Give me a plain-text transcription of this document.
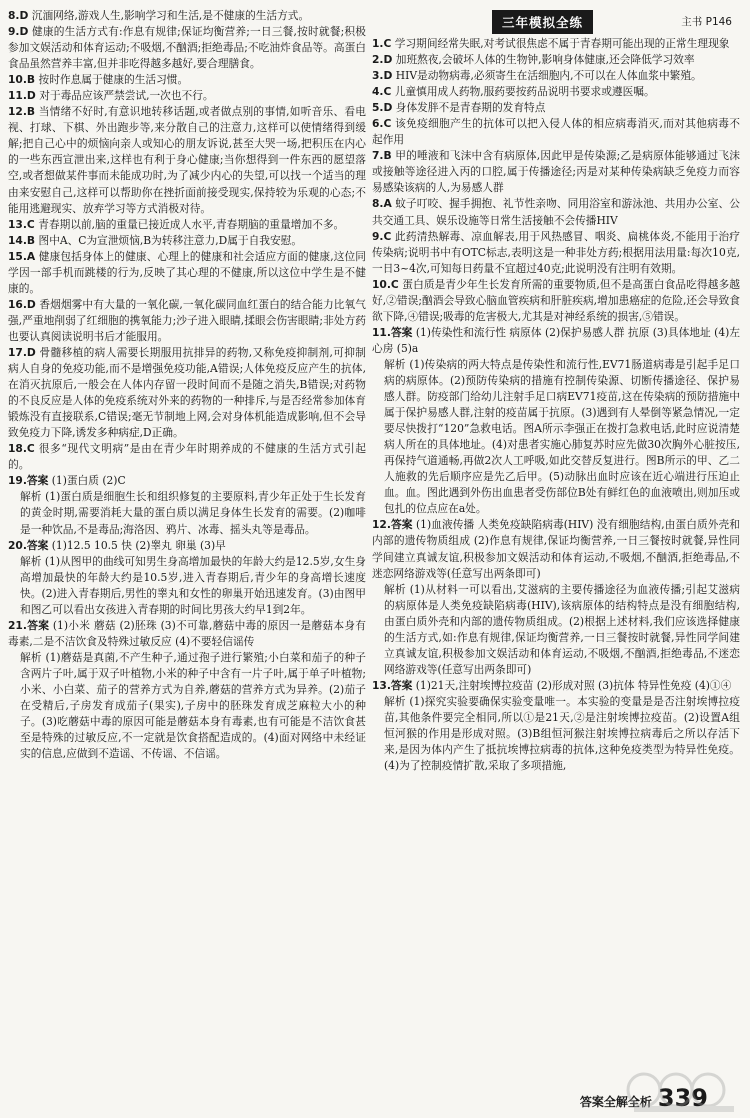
8.D 沉湎网络,游戏人生,影响学习和生活,是不健康的生活方式。

9.D 健康的生活方式有:作息有规律;保证均衡营养;一日三餐,按时就餐;积极参加文娱活动和体育运动;不吸烟,不酗酒;拒绝毒品;不吃油炸食品等。高蛋白食品虽然营养丰富,但并非吃得越多越好,要合理膳食。

10.B 按时作息属于健康的生活习惯。

11.D 对于毒品应该严禁尝试,一次也不行。

12.B 当情绪不好时,有意识地转移话题,或者做点别的事情,如听音乐、看电视、打球、下棋、外出跑步等,来分散自己的注意力,这样可以使情绪得到缓解;把自己心中的烦恼向亲人或知心的朋友诉说,甚至大哭一场,把积压在内心的一些东西宣泄出来,这样也有利于身心健康;当你想得到一件东西的愿望落空,或者想做某件事而未能成功时,为了减少内心的失望,可以找一个适当的理由来安慰自己,这样可以帮助你在挫折面前接受现实,保持较为乐观的心态;不能用逃避现实、放弃学习等方式消极对待。

13.C 青春期以前,脑的重量已接近成人水平,青春期脑的重量增加不多。

14.B 图中A、C为宣泄烦恼,B为转移注意力,D属于自我安慰。

15.A 健康包括身体上的健康、心理上的健康和社会适应方面的健康,这位同学因一部手机而跳楼的行为,反映了其心理的不健康,所以这位中学生是不健康的。

16.D 香烟烟雾中有大量的一氧化碳,一氧化碳同血红蛋白的结合能力比氧气强,严重地削弱了红细胞的携氧能力;沙子进入眼睛,揉眼会伤害眼睛;非处方药也要认真阅读说明书后才能服用。

17.D 骨髓移植的病人需要长期服用抗排异的药物,又称免疫抑制剂,可抑制病人自身的免疫功能,而不是增强免疫功能,A错误;人体免疫反应产生的抗体,在消灭抗原后,一般会在人体内存留一段时间而不是随之消失,B错误;对药物的不良反应是人体的免疫系统对外来的药物的一种排斥,与是否经常参加体育锻炼没有直接联系,C错误;毫无节制地上网,会对身体机能造成影响,但不会导致免疫力下降,诱发多种病症,D正确。

18.C 很多“现代文明病”是由在青少年时期养成的不健康的生活方式引起的。

19.答案 (1)蛋白质 (2)C

解析 (1)蛋白质是细胞生长和组织修复的主要原料,青少年正处于生长发育的黄金时期,需要消耗大量的蛋白质以满足身体生长发育的需要。(2)咖啡是一种饮品,不是毒品;海洛因、鸦片、冰毒、摇头丸等是毒品。

20.答案 (1)12.5 10.5 快 (2)睾丸 卵巢 (3)早

解析 (1)从图甲的曲线可知男生身高增加最快的年龄大约是12.5岁,女生身高增加最快的年龄大约是10.5岁,进入青春期后,青少年的身高增长速度快。(2)进入青春期后,男性的睾丸和女性的卵巢开始迅速发育。(3)由图甲和图乙可以看出女孩进入青春期的时间比男孩大约早1到2年。

21.答案 (1)小米 蘑菇 (2)胚珠 (3)不可靠,蘑菇中毒的原因一是蘑菇本身有毒素,二是不洁饮食及特殊过敏反应 (4)不要轻信谣传

解析 (1)蘑菇是真菌,不产生种子,通过孢子进行繁殖;小白菜和茄子的种子含两片子叶,属于双子叶植物,小米的种子中含有一片子叶,属于单子叶植物;小米、小白菜、茄子的营养方式为自养,蘑菇的营养方式为异养。(2)茄子在受精后,子房发育成茄子(果实),子房中的胚珠发育成芝麻粒大小的种子。(3)吃蘑菇中毒的原因可能是蘑菇本身有毒素,也有可能是不洁饮食甚至是特殊的过敏反应,不一定就是饮食搭配造成的。(4)面对网络中未经证实的信息,应做到不造谣、不传谣、不信谣。

三年模拟全练	主书 P146

1.C 学习期间经常失眠,对考试很焦虑不属于青春期可能出现的正常生理现象

2.D 加班熬夜,会破坏人体的生物钟,影响身体健康,还会降低学习效率

3.D HIV是动物病毒,必须寄生在活细胞内,不可以在人体血浆中繁殖。

4.C 儿童慎用成人药物,服药要按药品说明书要求或遵医嘱。

5.D 身体发胖不是青春期的发育特点

6.C 该免疫细胞产生的抗体可以把入侵人体的相应病毒消灭,而对其他病毒不起作用

7.B 甲的唾液和飞沫中含有病原体,因此甲是传染源;乙是病原体能够通过飞沫或接触等途径进入丙的口腔,属于传播途径;丙是对某种传染病缺乏免疫力而容易感染该病的人,为易感人群

8.A 蚊子叮咬、握手拥抱、礼节性亲吻、同用浴室和游泳池、共用办公室、公共交通工具、娱乐设施等日常生活接触不会传播HIV

9.C 此药清热解毒、凉血解表,用于风热感冒、咽炎、扁桃体炎,不能用于治疗传染病;说明书中有OTC标志,表明这是一种非处方药;根据用法用量:每次10克,一日3~4次,可知每日药量不宜超过40克;此说明没有注明有效期。

10.C 蛋白质是青少年生长发育所需的重要物质,但不是高蛋白食品吃得越多越好,②错误;酗酒会导致心脑血管疾病和肝脏疾病,增加患癌症的危险,还会导致食欲下降,④错误;吸毒的危害极大,尤其是对神经系统的损害,⑤错误。

11.答案 (1)传染性和流行性 病原体 (2)保护易感人群 抗原 (3)具体地址 (4)左心房 (5)a

解析 (1)传染病的两大特点是传染性和流行性,EV71肠道病毒是引起手足口病的病原体。(2)预防传染病的措施有控制传染源、切断传播途径、保护易感人群。防疫部门给幼儿注射手足口病EV71疫苗,这在传染病的预防措施中属于保护易感人群,注射的疫苗属于抗原。(3)遇到有人晕倒等紧急情况,一定要尽快拨打“120”急救电话。图A所示李强正在拨打急救电话,此时应说清楚病人所在的具体地址。(4)对患者实施心肺复苏时应先做30次胸外心脏按压,再保持气道通畅,再做2次人工呼吸,如此交替反复进行。图B所示的甲、乙二人施救的先后顺序应是先乙后甲。(5)动脉出血时应该在近心端进行压迫止血。血。图此遇到外伤出血患者受伤部位B处有鲜红色的血液喷出,则加压或包扎的位点应在a处。

12.答案 (1)血液传播 人类免疫缺陷病毒(HIV) 没有细胞结构,由蛋白质外壳和内部的遗传物质组成 (2)作息有规律,保证均衡营养,一日三餐按时就餐,异性同学间建立真诚友谊,积极参加文娱活动和体育运动,不吸烟,不酗酒,拒绝毒品,不迷恋网络游戏等(任意写出两条即可)

解析 (1)从材料一可以看出,艾滋病的主要传播途径为血液传播;引起艾滋病的病原体是人类免疫缺陷病毒(HIV),该病原体的结构特点是没有细胞结构,由蛋白质外壳和内部的遗传物质组成。(2)根据上述材料,我们应该选择健康的生活方式,如:作息有规律,保证均衡营养,一日三餐按时就餐,异性同学间建立真诚友谊,积极参加文娱活动和体育运动,不吸烟,不酗酒,拒绝毒品,不迷恋网络游戏等(任意写出两条即可)

13.答案 (1)21天,注射埃博拉疫苗 (2)形成对照 (3)抗体 特异性免疫 (4)①④

解析 (1)探究实验要确保实验变量唯一。本实验的变量是是否注射埃博拉疫苗,其他条件要完全相同,所以①是21天,②是注射埃博拉疫苗。(2)设置A组恒河猴的作用是形成对照。(3)B组恒河猴注射埃博拉病毒后之所以存活下来,是因为体内产生了抵抗埃博拉病毒的抗体,这种免疫类型为特异性免疫。(4)为了控制疫情扩散,采取了多项措施,

答案全解全析 339
